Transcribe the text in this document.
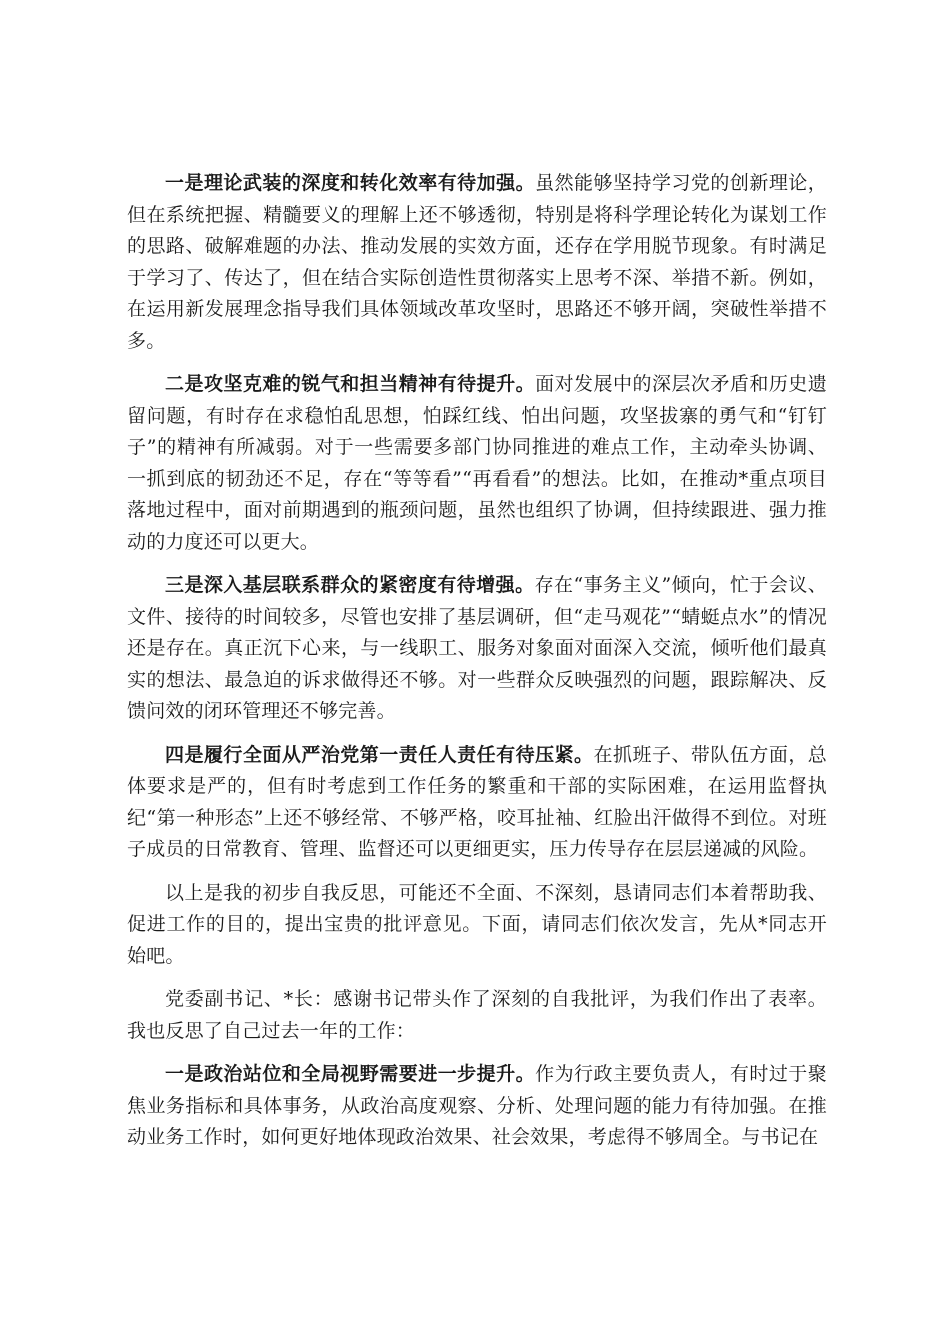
一是理论武装的深度和转化效率有待加强。虽然能够坚持学习党的创新理论，但在系统把握、精髓要义的理解上还不够透彻，特别是将科学理论转化为谋划工作的思路、破解难题的办法、推动发展的实效方面，还存在学用脱节现象。有时满足于学习了、传达了，但在结合实际创造性贯彻落实上思考不深、举措不新。例如，在运用新发展理念指导我们具体领域改革攻坚时，思路还不够开阔，突破性举措不多。

二是攻坚克难的锐气和担当精神有待提升。面对发展中的深层次矛盾和历史遗留问题，有时存在求稳怕乱思想，怕踩红线、怕出问题，攻坚拔寨的勇气和“钉钉子”的精神有所减弱。对于一些需要多部门协同推进的难点工作，主动牵头协调、一抓到底的韧劲还不足，存在“等等看”“再看看”的想法。比如，在推动*重点项目落地过程中，面对前期遇到的瓶颈问题，虽然也组织了协调，但持续跟进、强力推动的力度还可以更大。

三是深入基层联系群众的紧密度有待增强。存在“事务主义”倾向，忙于会议、文件、接待的时间较多，尽管也安排了基层调研，但“走马观花”“蜻蜓点水”的情况还是存在。真正沉下心来，与一线职工、服务对象面对面深入交流，倾听他们最真实的想法、最急迫的诉求做得还不够。对一些群众反映强烈的问题，跟踪解决、反馈问效的闭环管理还不够完善。

四是履行全面从严治党第一责任人责任有待压紧。在抓班子、带队伍方面，总体要求是严的，但有时考虑到工作任务的繁重和干部的实际困难，在运用监督执纪“第一种形态”上还不够经常、不够严格，咬耳扯袖、红脸出汗做得不到位。对班子成员的日常教育、管理、监督还可以更细更实，压力传导存在层层递减的风险。

以上是我的初步自我反思，可能还不全面、不深刻，恳请同志们本着帮助我、促进工作的目的，提出宝贵的批评意见。下面，请同志们依次发言，先从*同志开始吧。

党委副书记、*长：感谢书记带头作了深刻的自我批评，为我们作出了表率。我也反思了自己过去一年的工作：

一是政治站位和全局视野需要进一步提升。作为行政主要负责人，有时过于聚焦业务指标和具体事务，从政治高度观察、分析、处理问题的能力有待加强。在推动业务工作时，如何更好地体现政治效果、社会效果，考虑得不够周全。与书记在
